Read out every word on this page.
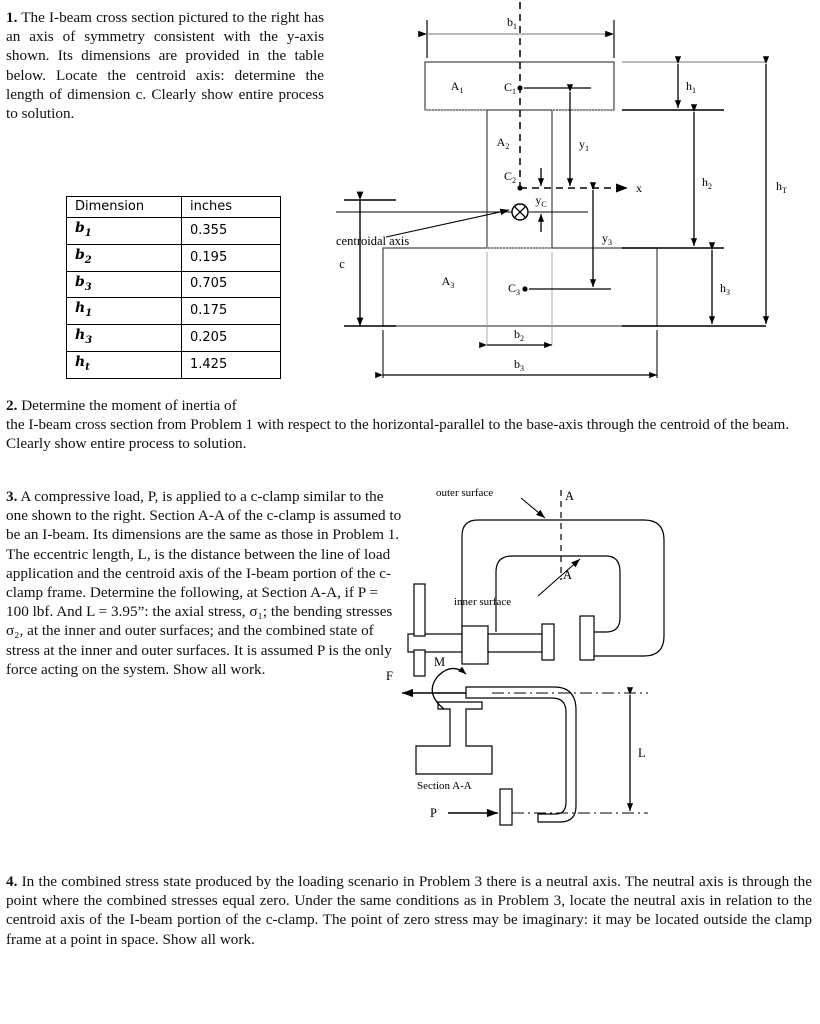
1. The I-beam cross section pictured to the right has an axis of symmetry consistent with the y-axis shown. Its dimensions are provided in the table below. Locate the centroid axis: determine the length of dimension c. Clearly show entire process to solution.
Dimension	inches
$b_1$	0.355
$b_2$	0.195
$b_3$	0.705
$h_1$	0.175
$h_3$	0.205
$h_t$	1.425
$b_1$
$A_1$
$A_2$
$A_3$
$C_1$
$C_2$
$C_3$
x
$y_1$
centroidal axis
$y_C$
$y_3$
c
$h_1$
$h_2$
$h_3$
$h_T$
$b_2$
$b_3$
2. Determine the moment of inertia of
the I-beam cross section from Problem 1 with respect to the horizontal-parallel to the base-axis through the centroid of the beam. Clearly show entire process to solution.
3. A compressive load, P, is applied to a c-clamp similar to the one shown to the right. Section A-A of the c-clamp is assumed to be an I-beam. Its dimensions are the same as those in Problem 1. The eccentric length, L, is the distance between the line of load application and the centroid axis of the I-beam portion of the c-clamp frame. Determine the following, at Section A-A, if P = 100 lbf. And L = 3.95”: the axial stress, σ₁; the bending stresses σ₂, at the inner and outer surfaces; and the combined state of stress at the inner and outer surfaces. It is assumed P is the only force acting on the system. Show all work.
A
A
outer surface
inner surface
Section A-A
F
M
P
L
4. In the combined stress state produced by the loading scenario in Problem 3 there is a neutral axis. The neutral axis is through the point where the combined stresses equal zero. Under the same conditions as in Problem 3, locate the neutral axis in relation to the centroid axis of the I-beam portion of the c-clamp. The point of zero stress may be imaginary: it may be located outside the clamp frame at a point in space. Show all work.
